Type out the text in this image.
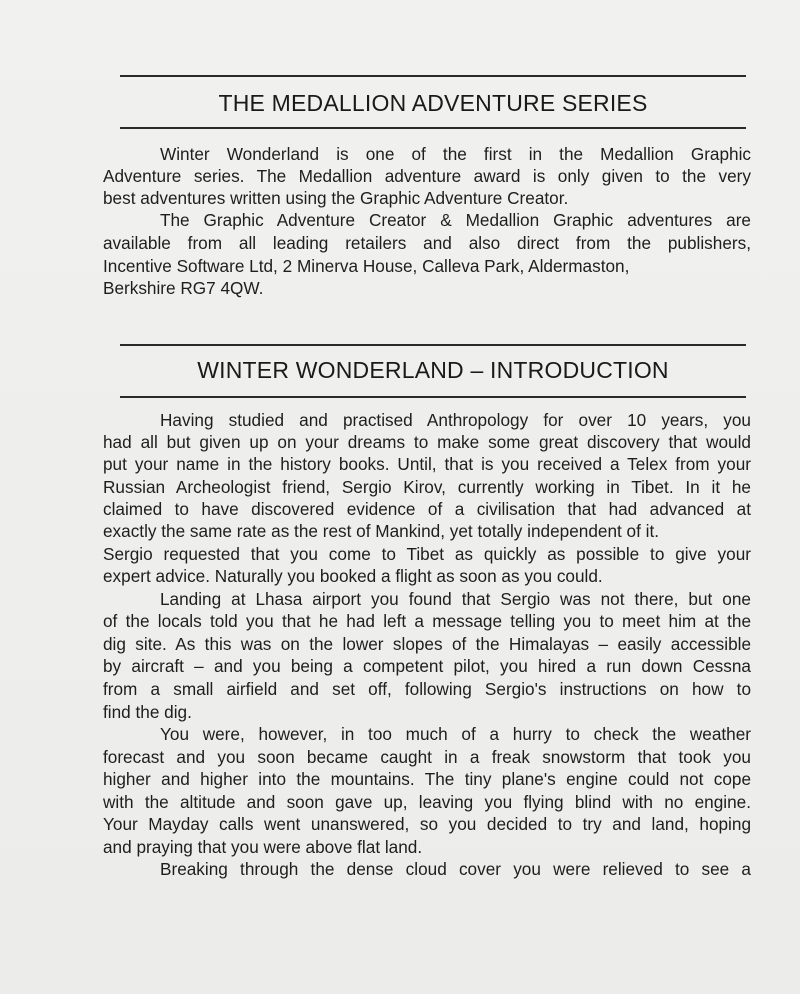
THE MEDALLION ADVENTURE SERIES

Winter Wonderland is one of the first in the Medallion Graphic

Adventure series. The Medallion adventure award is only given to the very

best adventures written using the Graphic Adventure Creator.

The Graphic Adventure Creator & Medallion Graphic adventures are

available from all leading retailers and also direct from the publishers,

Incentive Software Ltd, 2 Minerva House, Calleva Park, Aldermaston,

Berkshire RG7 4QW.

WINTER WONDERLAND – INTRODUCTION

Having studied and practised Anthropology for over 10 years, you

had all but given up on your dreams to make some great discovery that would

put your name in the history books. Until, that is you received a Telex from your

Russian Archeologist friend, Sergio Kirov, currently working in Tibet. In it he

claimed to have discovered evidence of a civilisation that had advanced at

exactly the same rate as the rest of Mankind, yet totally independent of it.

Sergio requested that you come to Tibet as quickly as possible to give your

expert advice. Naturally you booked a flight as soon as you could.

Landing at Lhasa airport you found that Sergio was not there, but one

of the locals told you that he had left a message telling you to meet him at the

dig site. As this was on the lower slopes of the Himalayas – easily accessible

by aircraft – and you being a competent pilot, you hired a run down Cessna

from a small airfield and set off, following Sergio's instructions on how to

find the dig.

You were, however, in too much of a hurry to check the weather

forecast and you soon became caught in a freak snowstorm that took you

higher and higher into the mountains. The tiny plane's engine could not cope

with the altitude and soon gave up, leaving you flying blind with no engine.

Your Mayday calls went unanswered, so you decided to try and land, hoping

and praying that you were above flat land.

Breaking through the dense cloud cover you were relieved to see a
